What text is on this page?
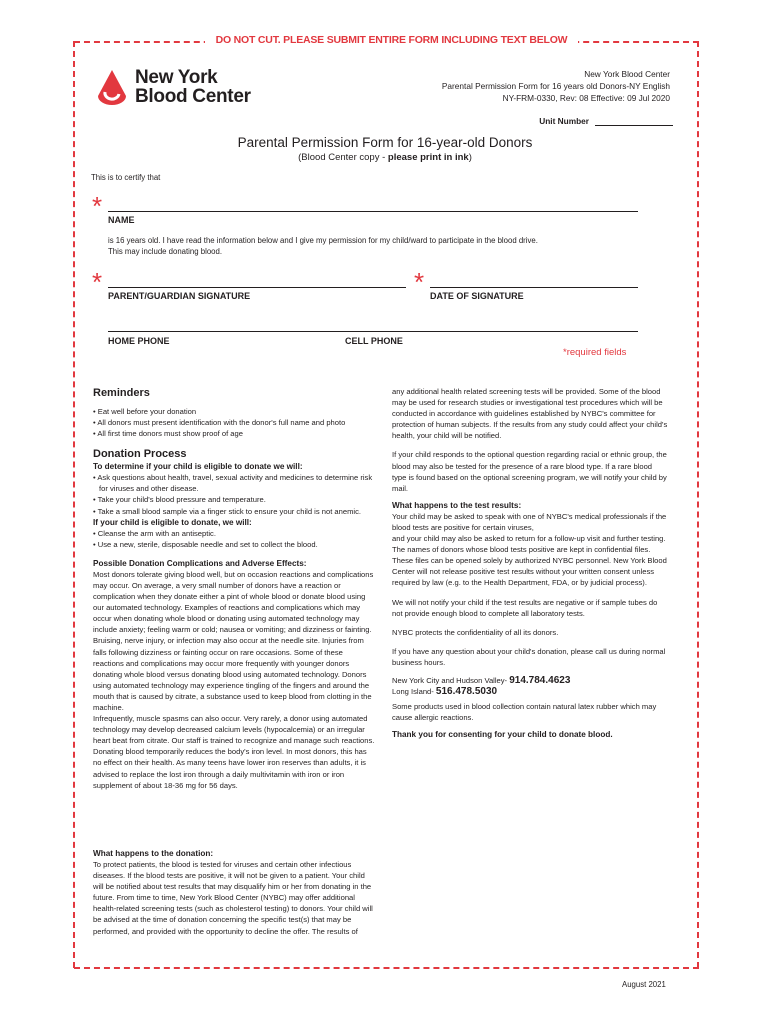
DO NOT CUT. PLEASE SUBMIT ENTIRE FORM INCLUDING TEXT BELOW
New York
Blood Center
New York Blood Center
Parental Permission Form for 16 years old Donors-NY English
NY-FRM-0330, Rev: 08 Effective: 09 Jul 2020
Unit Number
Parental Permission Form for 16-year-old Donors
(Blood Center copy - please print in ink)
This is to certify that
* NAME
is 16 years old. I have read the information below and I give my permission for my child/ward to participate in the blood drive.
This may include donating blood.
* PARENT/GUARDIAN SIGNATURE	* DATE OF SIGNATURE
HOME PHONE	CELL PHONE
*required fields

Reminders

• Eat well before your donation

• All donors must present identification with the donor's full name and photo

• All first time donors must show proof of age

Donation Process

To determine if your child is eligible to donate we will:

• Ask questions about health, travel, sexual activity and medicines to determine risk for viruses and other disease.

• Take your child's blood pressure and temperature.

• Take a small blood sample via a finger stick to ensure your child is not anemic.

If your child is eligible to donate, we will:

• Cleanse the arm with an antiseptic.

• Use a new, sterile, disposable needle and set to collect the blood.

Possible Donation Complications and Adverse Effects:

Most donors tolerate giving blood well, but on occasion reactions and complications may occur. On average, a very small number of donors have a reaction or complication when they donate either a pint of whole blood or donate blood using our automated technology. Examples of reactions and complications which may occur when donating whole blood or donating using automated technology may include anxiety; feeling warm or cold; nausea or vomiting; and dizziness or fainting. Bruising, nerve injury, or infection may also occur at the needle site. Injuries from falls following dizziness or fainting occur on rare occasions. Some of these reactions and complications may occur more frequently with younger donors donating whole blood versus donating blood using automated technology. Donors using automated technology may experience tingling of the fingers and around the mouth that is caused by citrate, a substance used to keep blood from clotting in the machine.

Infrequently, muscle spasms can also occur. Very rarely, a donor using automated technology may develop decreased calcium levels (hypocalcemia) or an irregular heart beat from citrate. Our staff is trained to recognize and manage such reactions. Donating blood temporarily reduces the body's iron level. In most donors, this has no effect on their health. As many teens have lower iron reserves than adults, it is advised to replace the lost iron through a daily multivitamin with iron or iron supplement of about 18-36 mg for 56 days.

What happens to the donation:

To protect patients, the blood is tested for viruses and certain other infectious diseases. If the blood tests are positive, it will not be given to a patient. Your child will be notified about test results that may disqualify him or her from donating in the future. From time to time, New York Blood Center (NYBC) may offer additional health-related screening tests (such as cholesterol testing) to donors. Your child will be advised at the time of donation concerning the specific test(s) that may be performed, and provided with the opportunity to decline the offer. The results of

any additional health related screening tests will be provided. Some of the blood may be used for research studies or investigational test procedures which will be conducted in accordance with guidelines established by NYBC's committee for protection of human subjects. If the results from any study could affect your child's health, your child will be notified.

If your child responds to the optional question regarding racial or ethnic group, the blood may also be tested for the presence of a rare blood type. If a rare blood type is found based on the optional screening program, we will notify your child by mail.

What happens to the test results:

Your child may be asked to speak with one of NYBC's medical professionals if the blood tests are positive for certain viruses,

and your child may also be asked to return for a follow-up visit and further testing. The names of donors whose blood tests positive are kept in confidential files. These files can be opened solely by authorized NYBC personnel. New York Blood Center will not release positive test results without your written consent unless required by law (e.g. to the Health Department, FDA, or by judicial process).

We will not notify your child if the test results are negative or if sample tubes do not provide enough blood to complete all laboratory tests.

NYBC protects the confidentiality of all its donors.

If you have any question about your child's donation, please call us during normal business hours.

New York City and Hudson Valley- 914.784.4623

Long Island- 516.478.5030

Some products used in blood collection contain natural latex rubber which may cause allergic reactions.

Thank you for consenting for your child to donate blood.

August 2021
